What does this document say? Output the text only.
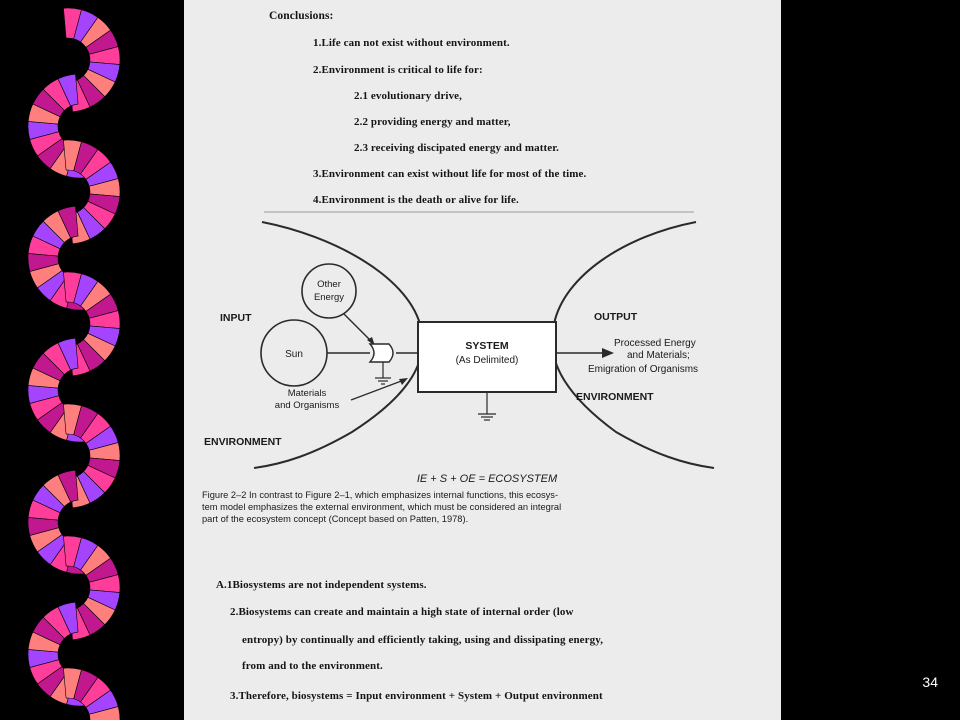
Conclusions:
1.Life can not exist without environment.
2.Environment is critical to life for:
2.1 evolutionary drive,
2.2 providing energy and matter,
2.3 receiving discipated energy and matter.
3.Environment can exist without life for most of the time.
4.Environment is the death or alive for life.
Other
Energy
Sun
Materials
and Organisms
SYSTEM
(As Delimited)
INPUT	OUTPUT
Processed Energy
and Materials;
Emigration of Organisms
ENVIRONMENT
ENVIRONMENT
IE + S + OE = ECOSYSTEM
Figure 2–2 In contrast to Figure 2–1, which emphasizes internal functions, this ecosys-
tem model emphasizes the external environment, which must be considered an integral
part of the ecosystem concept (Concept based on Patten, 1978).
A.1Biosystems are not independent systems.
2.Biosystems can create and maintain a high state of internal order (low
entropy) by continually and efficiently taking, using and dissipating energy,
from and to the environment.
3.Therefore, biosystems = Input environment + System + Output environment
34
